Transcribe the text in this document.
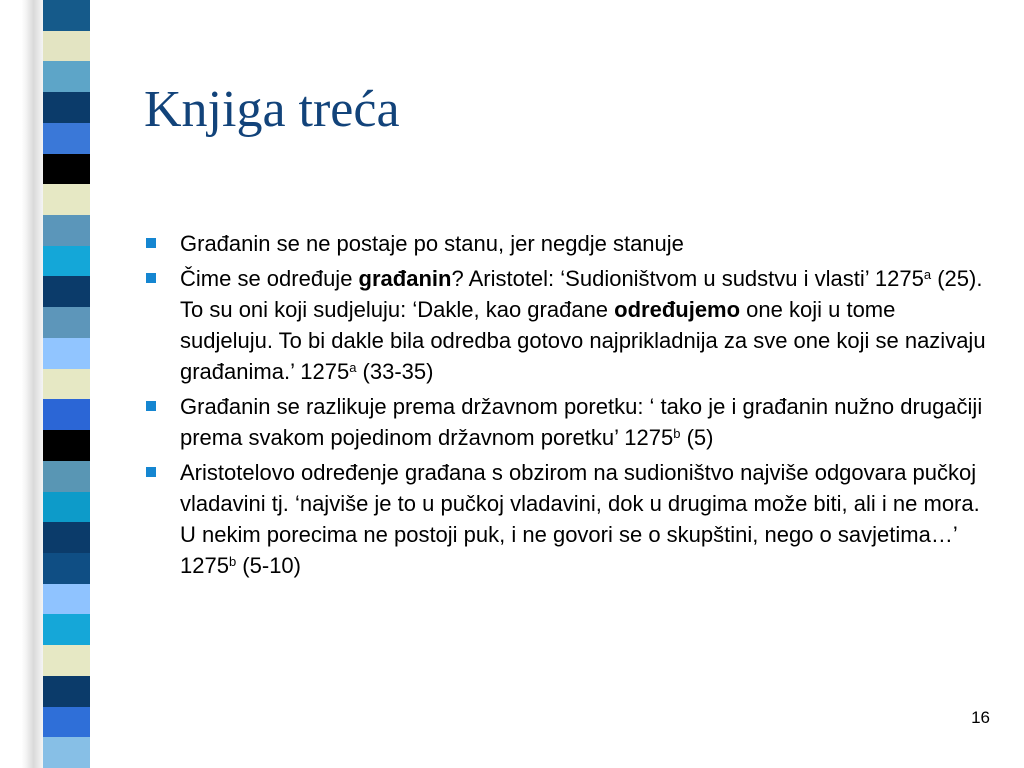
Knjiga treća
Građanin se ne postaje po stanu, jer negdje stanuje
Čime se određuje građanin? Aristotel: ‘Sudioništvom u sudstvu i vlasti’ 1275$^a$ (25). To su oni koji sudjeluju: ‘Dakle, kao građane određujemo one koji u tome sudjeluju. To bi dakle bila odredba gotovo najprikladnija za sve one koji se nazivaju građanima.’ 1275$^a$ (33-35)
Građanin se razlikuje prema državnom poretku: ‘ tako je i građanin nužno drugačiji prema svakom pojedinom državnom poretku’ 1275$^b$ (5)
Aristotelovo određenje građana s obzirom na sudioništvo najviše odgovara pučkoj vladavini tj. ‘najviše je to u pučkoj vladavini, dok u drugima može biti, ali i ne mora. U nekim porecima ne postoji puk, i ne govori se o skupštini, nego o savjetima…’ 1275$^b$ (5-10)
16
